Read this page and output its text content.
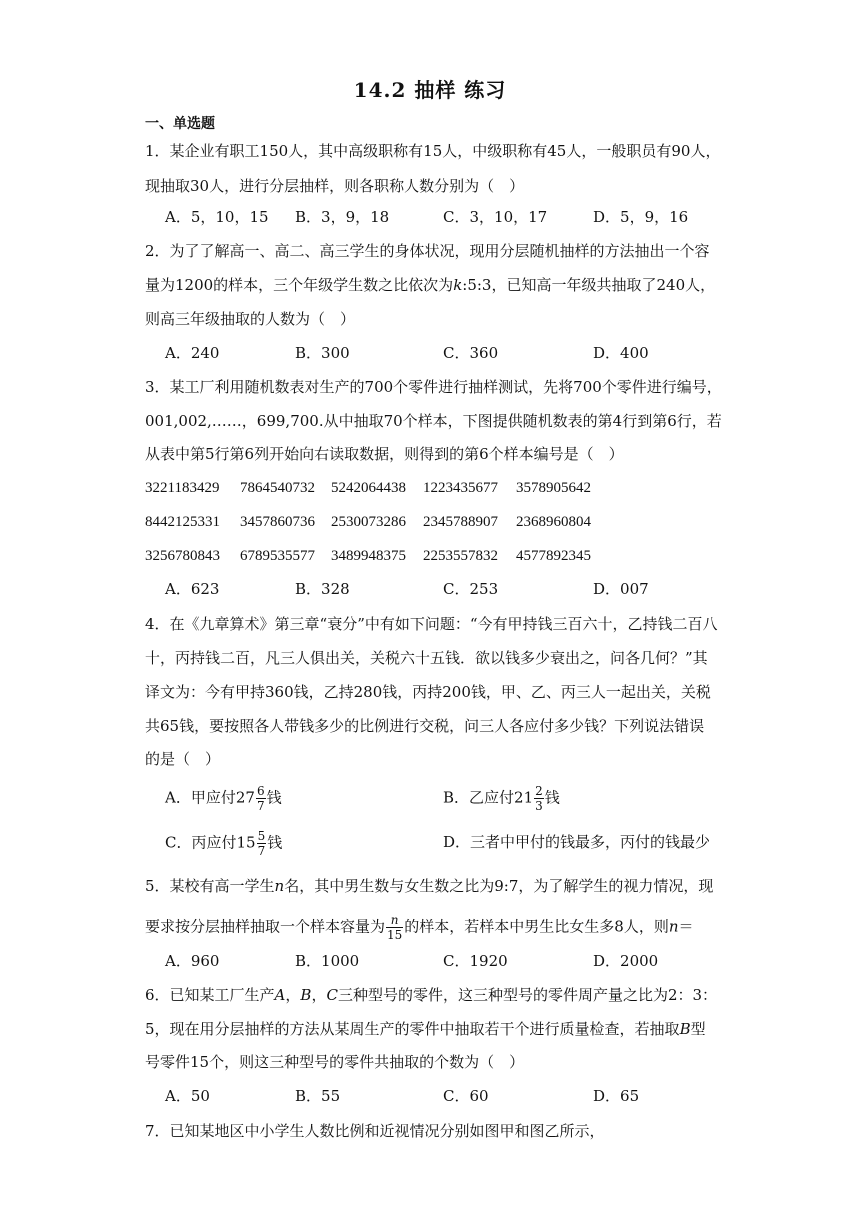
14.2 抽样 练习
一、单选题
1．某企业有职工150人，其中高级职称有15人，中级职称有45人，一般职员有90人，
现抽取30人，进行分层抽样，则各职称人数分别为（　）
A．5，10，15 B．3，9，18	C．3，10，17	D．5，9，16
2．为了了解高一、高二、高三学生的身体状况，现用分层随机抽样的方法抽出一个容
量为1200的样本，三个年级学生数之比依次为k:5:3，已知高一年级共抽取了240人，
则高三年级抽取的人数为（　）
A．240	B．300	C．360	D．400
3．某工厂利用随机数表对生产的700个零件进行抽样测试，先将700个零件进行编号，
001,002,……，699,700.从中抽取70个样本，下图提供随机数表的第4行到第6行，若
从表中第5行第6列开始向右读取数据，则得到的第6个样本编号是（　）
3221183429 7864540732 5242064438 1223435677 3578905642
8442125331 3457860736 2530073286 2345788907 2368960804
3256780843 6789535577 3489948375 2253557832 4577892345
A．623	B．328	C．253	D．007
4．在《九章算术》第三章“衰分”中有如下问题：“今有甲持钱三百六十，乙持钱二百八
十，丙持钱二百，凡三人俱出关，关税六十五钱．欲以钱多少衰出之，问各几何？”其
译文为：今有甲持360钱，乙持280钱，丙持200钱，甲、乙、丙三人一起出关，关税
共65钱，要按照各人带钱多少的比例进行交税，问三人各应付多少钱？下列说法错误
的是（　）
A．甲应付$27 \frac{6}{7}$ 钱	B．乙应付$21 \frac{2}{3}$ 钱
C．丙应付$15 \frac{5}{7}$ 钱	D．三者中甲付的钱最多，丙付的钱最少
5．某校有高一学生n名，其中男生数与女生数之比为9:7，为了解学生的视力情况，现
要求按分层抽样抽取一个样本容量为 $\frac{n}{15}$ 的样本，若样本中男生比女生多8人，则n＝
A．960	B．1000	C．1920	D．2000
6．已知某工厂生产A，B，C三种型号的零件，这三种型号的零件周产量之比为2：3：
5，现在用分层抽样的方法从某周生产的零件中抽取若干个进行质量检查，若抽取B型
号零件15个，则这三种型号的零件共抽取的个数为（　）
A．50	B．55	C．60	D．65
7．已知某地区中小学生人数比例和近视情况分别如图甲和图乙所示，
